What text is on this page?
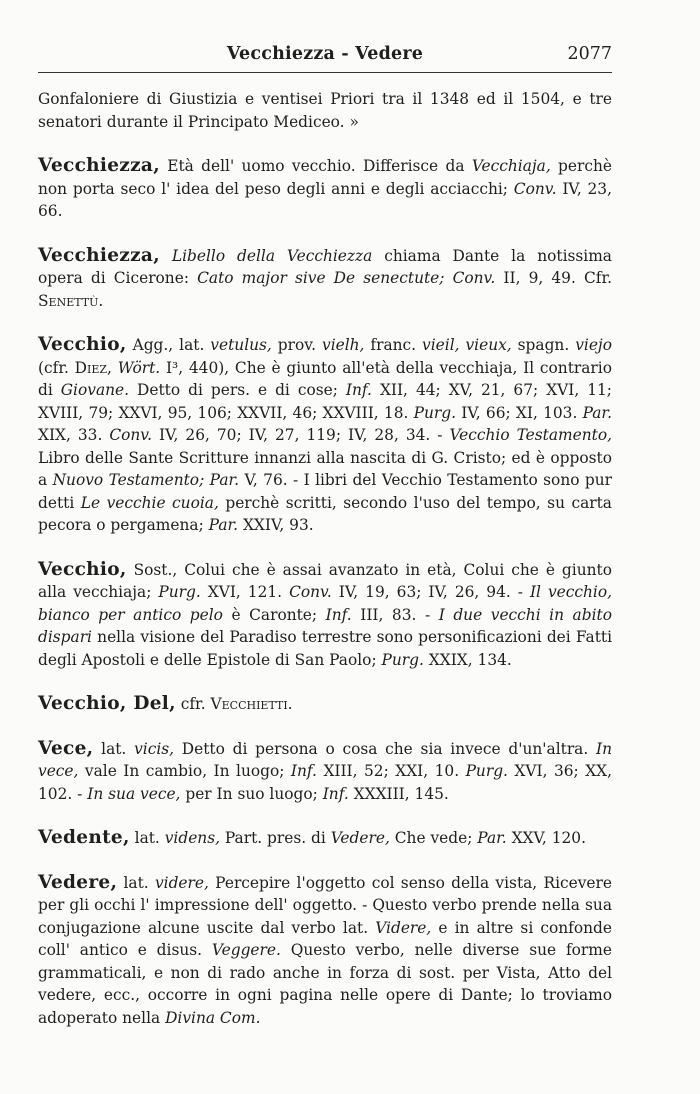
Vecchiezza - Vedere	2077

Gonfaloniere di Giustizia e ventisei Priori tra il 1348 ed il 1504, e tre senatori durante il Principato Mediceo. »

Vecchiezza, Età dell' uomo vecchio. Differisce da Vecchiaja, perchè non porta seco l' idea del peso degli anni e degli acciacchi; Conv. IV, 23, 66.

Vecchiezza, Libello della Vecchiezza chiama Dante la notissima opera di Cicerone: Cato major sive De senectute; Conv. II, 9, 49. Cfr. Senettù.

Vecchio, Agg., lat. vetulus, prov. vielh, franc. vieil, vieux, spagn. viejo (cfr. Diez, Wört. I³, 440), Che è giunto all'età della vecchiaja, Il contrario di Giovane. Detto di pers. e di cose; Inf. XII, 44; XV, 21, 67; XVI, 11; XVIII, 79; XXVI, 95, 106; XXVII, 46; XXVIII, 18. Purg. IV, 66; XI, 103. Par. XIX, 33. Conv. IV, 26, 70; IV, 27, 119; IV, 28, 34. - Vecchio Testamento, Libro delle Sante Scritture innanzi alla nascita di G. Cristo; ed è opposto a Nuovo Testamento; Par. V, 76. - I libri del Vecchio Testamento sono pur detti Le vecchie cuoia, perchè scritti, secondo l'uso del tempo, su carta pecora o pergamena; Par. XXIV, 93.

Vecchio, Sost., Colui che è assai avanzato in età, Colui che è giunto alla vecchiaja; Purg. XVI, 121. Conv. IV, 19, 63; IV, 26, 94. - Il vecchio, bianco per antico pelo è Caronte; Inf. III, 83. - I due vecchi in abito dispari nella visione del Paradiso terrestre sono personificazioni dei Fatti degli Apostoli e delle Epistole di San Paolo; Purg. XXIX, 134.

Vecchio, Del, cfr. Vecchietti.

Vece, lat. vicis, Detto di persona o cosa che sia invece d'un'altra. In vece, vale In cambio, In luogo; Inf. XIII, 52; XXI, 10. Purg. XVI, 36; XX, 102. - In sua vece, per In suo luogo; Inf. XXXIII, 145.

Vedente, lat. videns, Part. pres. di Vedere, Che vede; Par. XXV, 120.

Vedere, lat. videre, Percepire l'oggetto col senso della vista, Ricevere per gli occhi l' impressione dell' oggetto. - Questo verbo prende nella sua conjugazione alcune uscite dal verbo lat. Videre, e in altre si confonde coll' antico e disus. Veggere. Questo verbo, nelle diverse sue forme grammaticali, e non di rado anche in forza di sost. per Vista, Atto del vedere, ecc., occorre in ogni pagina nelle opere di Dante; lo troviamo adoperato nella Divina Com.
